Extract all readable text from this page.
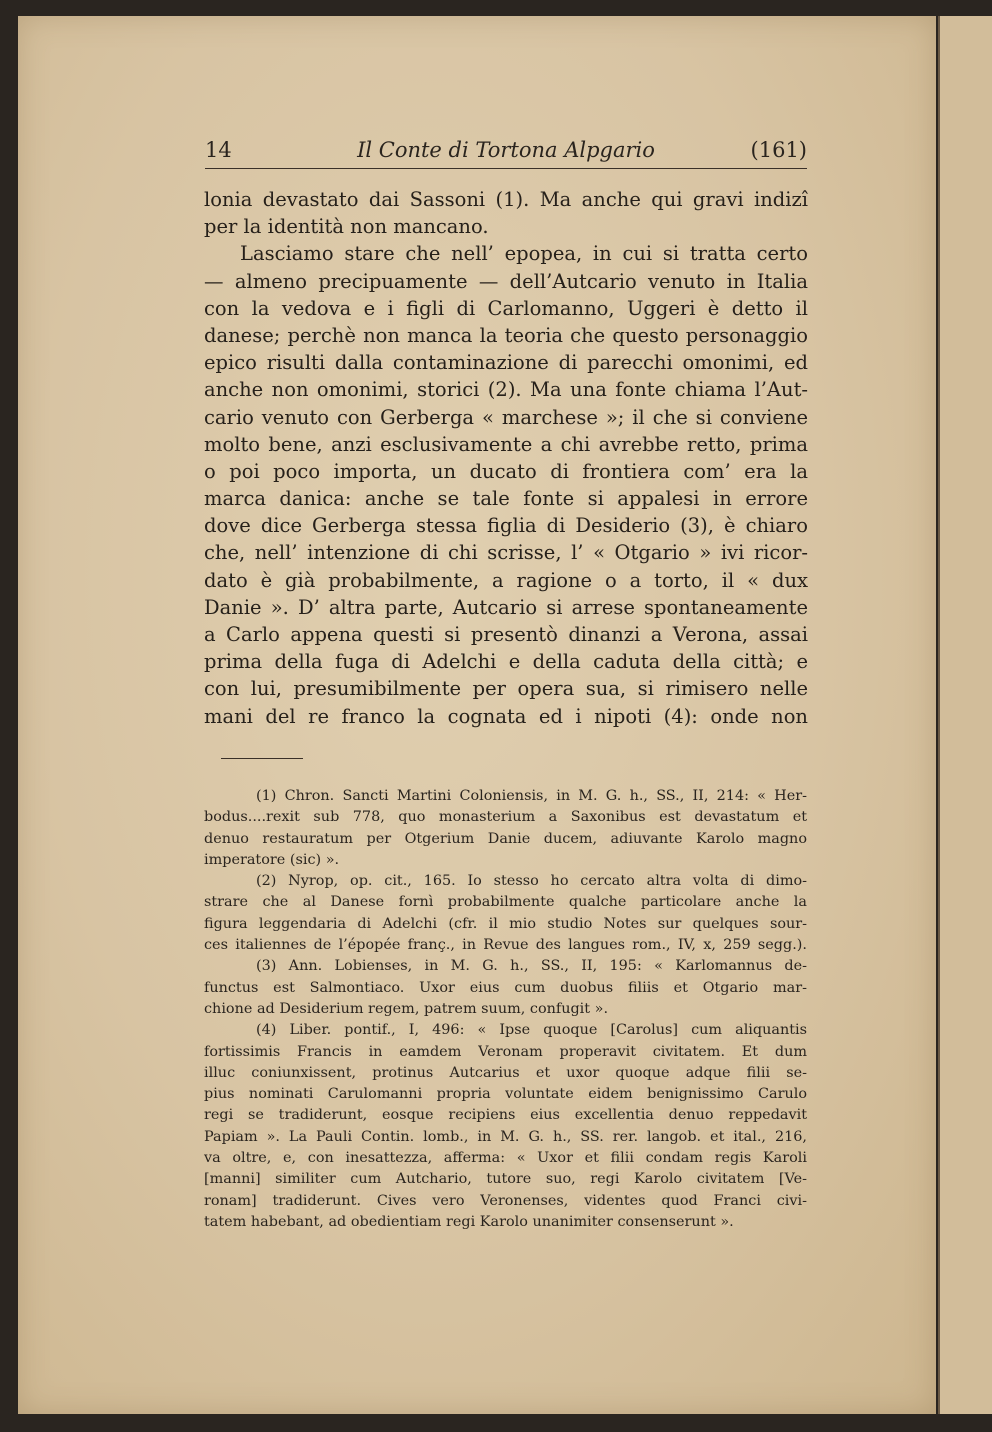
14	Il Conte di Tortona Alpgario	(161)
lonia devastato dai Sassoni (1). Ma anche qui gravi indizî
per la identità non mancano.
Lasciamo stare che nell’ epopea, in cui si tratta certo
— almeno precipuamente — dell’Autcario venuto in Italia
con la vedova e i figli di Carlomanno, Uggeri è detto il
danese; perchè non manca la teoria che questo personaggio
epico risulti dalla contaminazione di parecchi omonimi, ed
anche non omonimi, storici (2). Ma una fonte chiama l’Aut-
cario venuto con Gerberga « marchese »; il che si conviene
molto bene, anzi esclusivamente a chi avrebbe retto, prima
o poi poco importa, un ducato di frontiera com’ era la
marca danica: anche se tale fonte si appalesi in errore
dove dice Gerberga stessa figlia di Desiderio (3), è chiaro
che, nell’ intenzione di chi scrisse, l’ « Otgario » ivi ricor-
dato è già probabilmente, a ragione o a torto, il « dux
Danie ». D’ altra parte, Autcario si arrese spontaneamente
a Carlo appena questi si presentò dinanzi a Verona, assai
prima della fuga di Adelchi e della caduta della città; e
con lui, presumibilmente per opera sua, si rimisero nelle
mani del re franco la cognata ed i nipoti (4): onde non
(1) Chron. Sancti Martini Coloniensis, in M. G. h., SS., II, 214: « Her-
bodus....rexit sub 778, quo monasterium a Saxonibus est devastatum et
denuo restauratum per Otgerium Danie ducem, adiuvante Karolo magno
imperatore (sic) ».
(2) Nyrop, op. cit., 165. Io stesso ho cercato altra volta di dimo-
strare che al Danese fornì probabilmente qualche particolare anche la
figura leggendaria di Adelchi (cfr. il mio studio Notes sur quelques sour-
ces italiennes de l’épopée franç., in Revue des langues rom., IV, x, 259 segg.).
(3) Ann. Lobienses, in M. G. h., SS., II, 195: « Karlomannus de-
functus est Salmontiaco. Uxor eius cum duobus filiis et Otgario mar-
chione ad Desiderium regem, patrem suum, confugit ».
(4) Liber. pontif., I, 496: « Ipse quoque [Carolus] cum aliquantis
fortissimis Francis in eamdem Veronam properavit civitatem. Et dum
illuc coniunxissent, protinus Autcarius et uxor quoque adque filii se-
pius nominati Carulomanni propria voluntate eidem benignissimo Carulo
regi se tradiderunt, eosque recipiens eius excellentia denuo reppedavit
Papiam ». La Pauli Contin. lomb., in M. G. h., SS. rer. langob. et ital., 216,
va oltre, e, con inesattezza, afferma: « Uxor et filii condam regis Karoli
[manni] similiter cum Autchario, tutore suo, regi Karolo civitatem [Ve-
ronam] tradiderunt. Cives vero Veronenses, videntes quod Franci civi-
tatem habebant, ad obedientiam regi Karolo unanimiter consenserunt ».
